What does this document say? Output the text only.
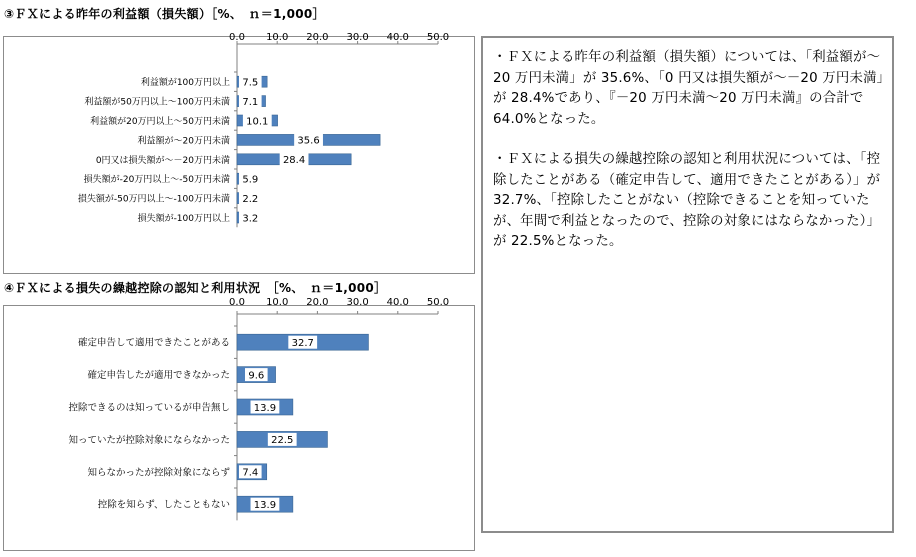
③ＦＸによる昨年の利益額（損失額）［%、　ｎ＝1,000］
0.0 10.0 20.0 30.0 40.0 50.0
利益額が100万円以上 7.5
利益額が50万円以上～100万円未満 7.1
利益額が20万円以上～50万円未満 10.1
利益額が～20万円未満	35.6
0円又は損失額が～－20万円未満	28.4
損失額が-20万円以上～-50万円未満 5.9
損失額が-50万円以上～-100万円未満 2.2
損失額が-100万円以上 3.2
④ＦＸによる損失の繰越控除の認知と利用状況　［%、　ｎ＝1,000］
0.0 10.0 20.0 30.0 40.0 50.0
確定申告して適用できたことがある	32.7
確定申告したが適用できなかった 9.6
控除できるのは知っているが申告無し 13.9
知っていたが控除対象にならなかった	22.5
知らなかったが控除対象にならず 7.4
控除を知らず、したこともない 13.9

・ＦＸによる昨年の利益額（損失額）については、「利益額が～20 万円未満」が 35.6%、「0 円又は損失額が～－20 万円未満」が 28.4%であり、『－20 万円未満～20 万円未満』の合計で 64.0%となった。

・ＦＸによる損失の繰越控除の認知と利用状況については、「控除したことがある（確定申告して、適用できたことがある）」が 32.7%、「控除したことがない（控除できることを知っていたが、年間で利益となったので、控除の対象にはならなかった）」が 22.5%となった。
